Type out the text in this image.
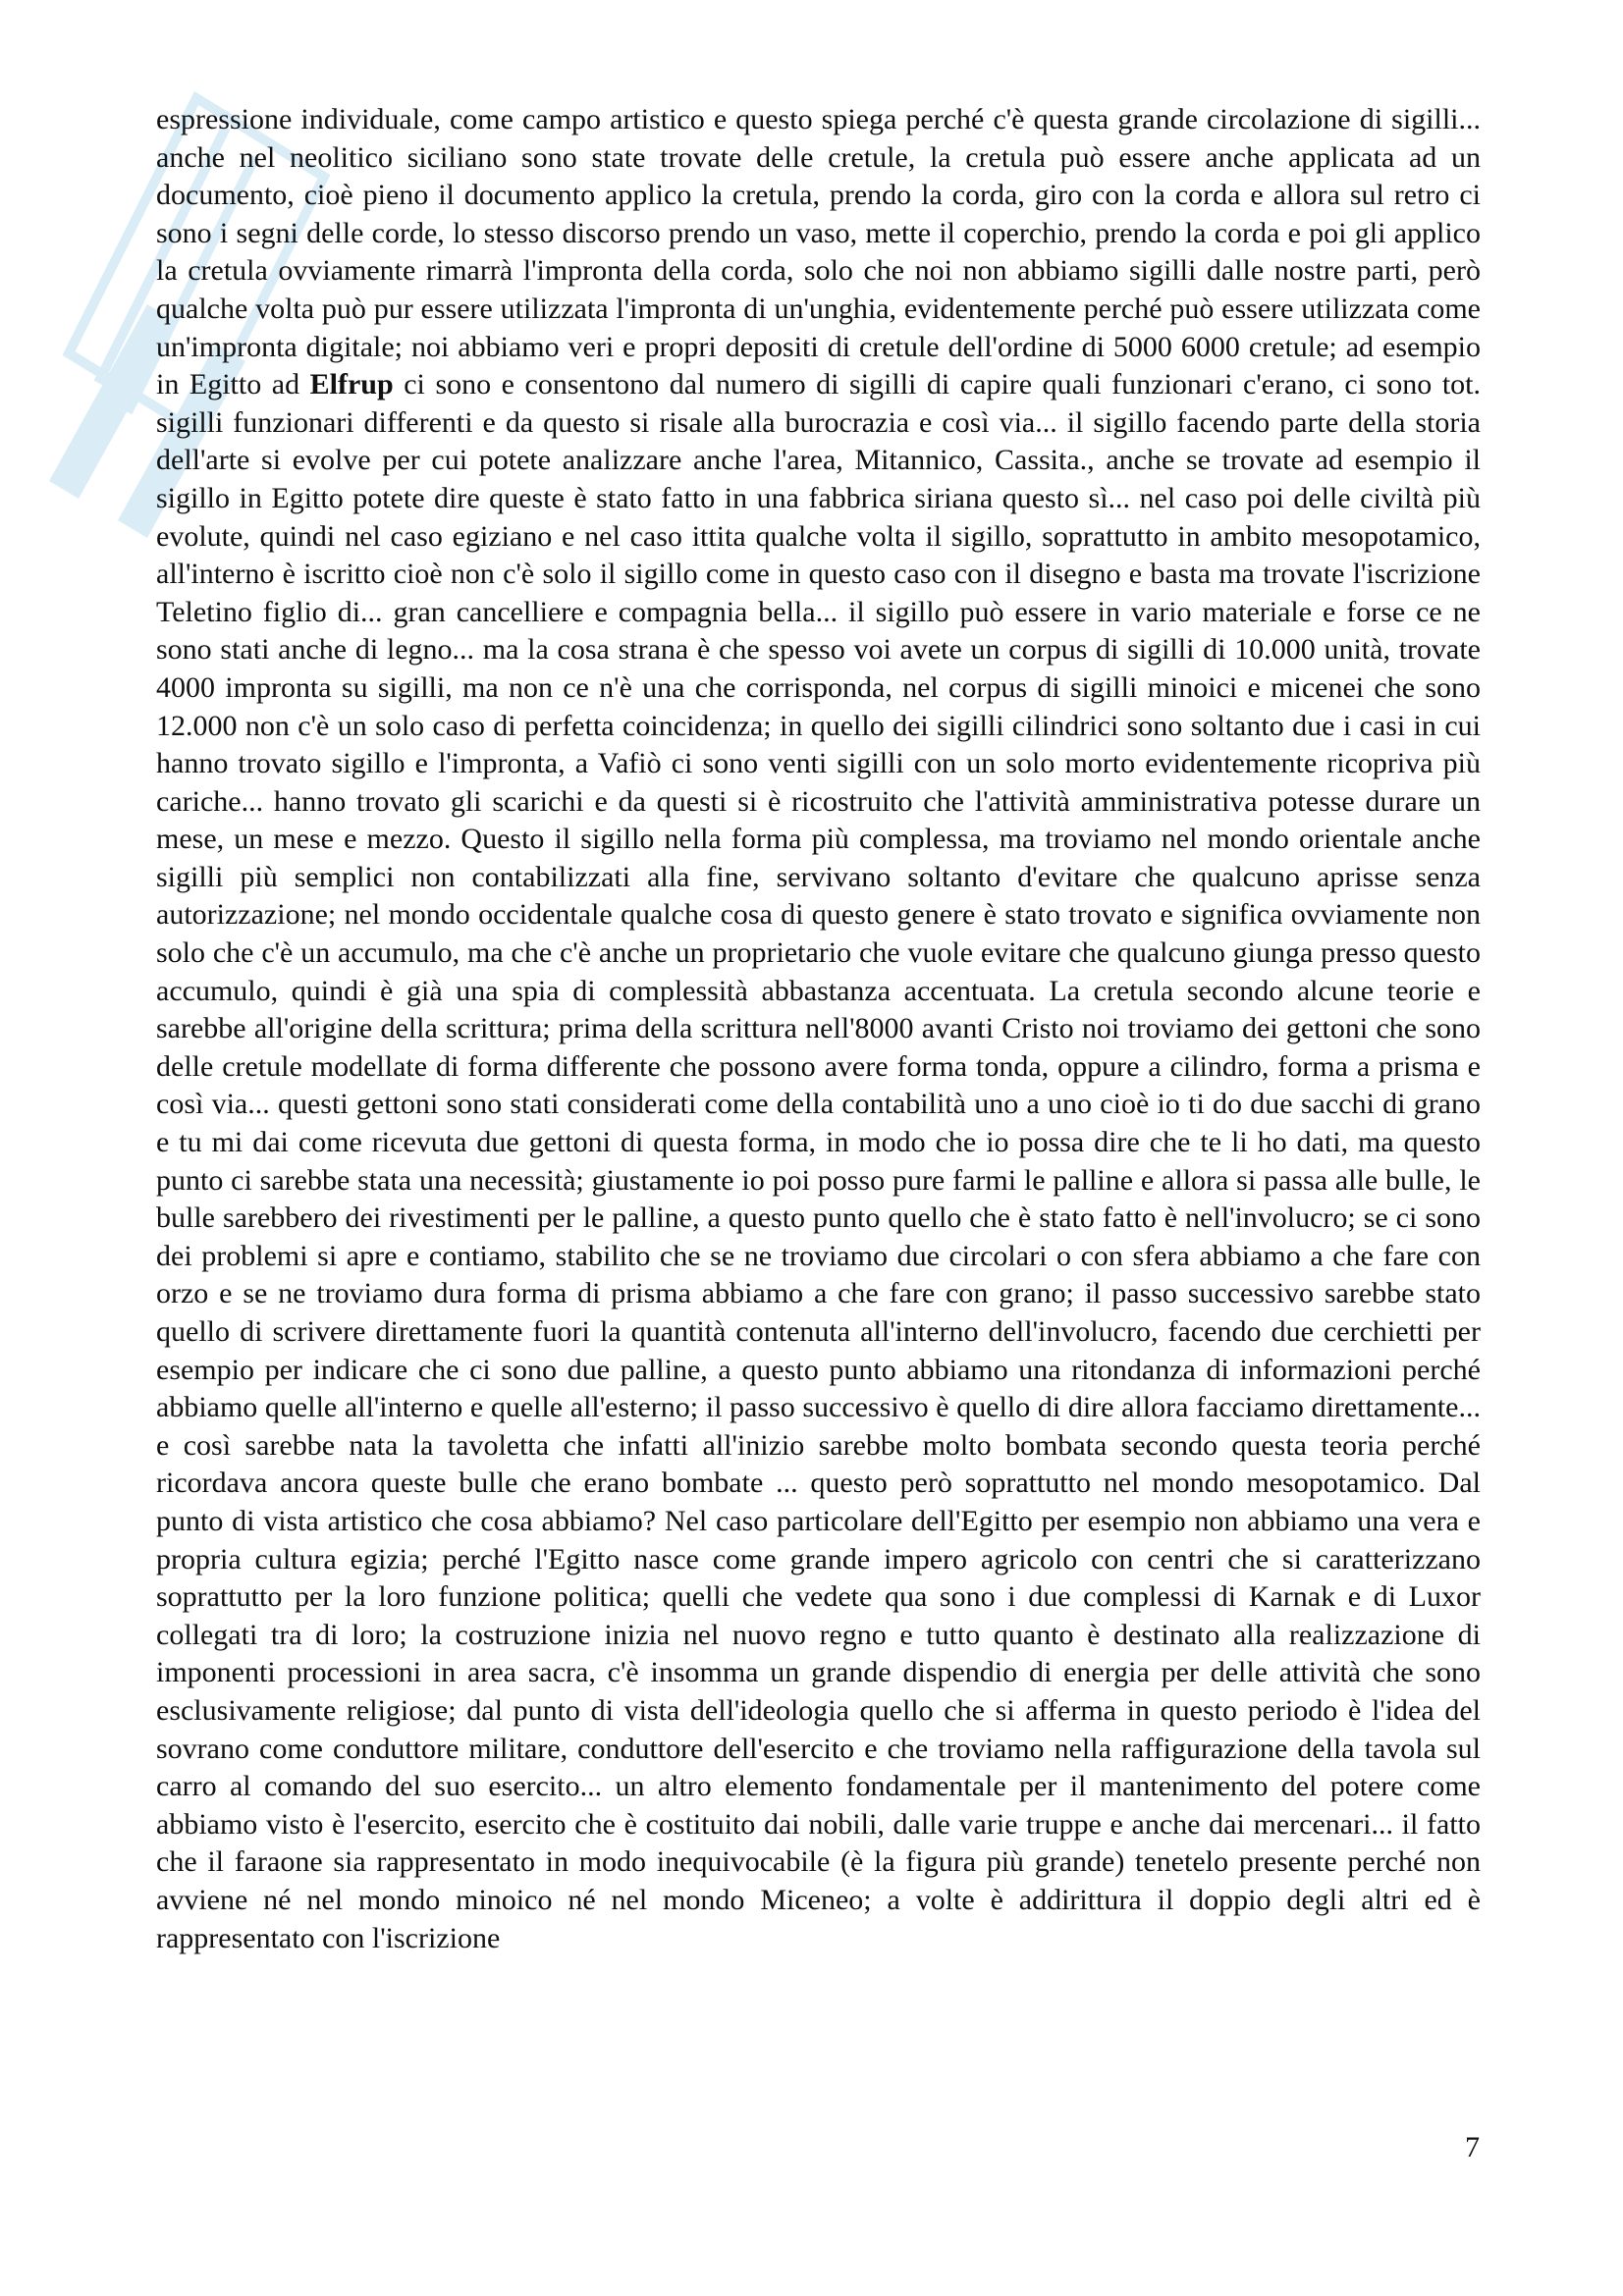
espressione individuale, come campo artistico e questo spiega perché c'è questa grande circolazione di sigilli... anche nel neolitico siciliano sono state trovate delle cretule, la cretula può essere anche applicata ad un documento, cioè pieno il documento applico la cretula, prendo la corda, giro con la corda e allora sul retro ci sono i segni delle corde, lo stesso discorso prendo un vaso, mette il coperchio, prendo la corda e poi gli applico la cretula ovviamente rimarrà l'impronta della corda, solo che noi non abbiamo sigilli dalle nostre parti, però qualche volta può pur essere utilizzata l'impronta di un'unghia, evidentemente perché può essere utilizzata come un'impronta digitale; noi abbiamo veri e propri depositi di cretule dell'ordine di 5000 6000 cretule; ad esempio in Egitto ad Elfrup ci sono e consentono dal numero di sigilli di capire quali funzionari c'erano, ci sono tot. sigilli funzionari differenti e da questo si risale alla burocrazia e così via... il sigillo facendo parte della storia dell'arte si evolve per cui potete analizzare anche l'area, Mitannico, Cassita., anche se trovate ad esempio il sigillo in Egitto potete dire queste è stato fatto in una fabbrica siriana questo sì... nel caso poi delle civiltà più evolute, quindi nel caso egiziano e nel caso ittita qualche volta il sigillo, soprattutto in ambito mesopotamico, all'interno è iscritto cioè non c'è solo il sigillo come in questo caso con il disegno e basta ma trovate l'iscrizione Teletino figlio di... gran cancelliere e compagnia bella... il sigillo può essere in vario materiale e forse ce ne sono stati anche di legno... ma la cosa strana è che spesso voi avete un corpus di sigilli di 10.000 unità, trovate 4000 impronta su sigilli, ma non ce n'è una che corrisponda, nel corpus di sigilli minoici e micenei che sono 12.000 non c'è un solo caso di perfetta coincidenza; in quello dei sigilli cilindrici sono soltanto due i casi in cui hanno trovato sigillo e l'impronta, a Vafiò ci sono venti sigilli con un solo morto evidentemente ricopriva più cariche... hanno trovato gli scarichi e da questi si è ricostruito che l'attività amministrativa potesse durare un mese, un mese e mezzo. Questo il sigillo nella forma più complessa, ma troviamo nel mondo orientale anche sigilli più semplici non contabilizzati alla fine, servivano soltanto d'evitare che qualcuno aprisse senza autorizzazione; nel mondo occidentale qualche cosa di questo genere è stato trovato e significa ovviamente non solo che c'è un accumulo, ma che c'è anche un proprietario che vuole evitare che qualcuno giunga presso questo accumulo, quindi è già una spia di complessità abbastanza accentuata. La cretula secondo alcune teorie e sarebbe all'origine della scrittura; prima della scrittura nell'8000 avanti Cristo noi troviamo dei gettoni che sono delle cretule modellate di forma differente che possono avere forma tonda, oppure a cilindro, forma a prisma e così via... questi gettoni sono stati considerati come della contabilità uno a uno cioè io ti do due sacchi di grano e tu mi dai come ricevuta due gettoni di questa forma, in modo che io possa dire che te li ho dati, ma questo punto ci sarebbe stata una necessità; giustamente io poi posso pure farmi le palline e allora si passa alle bulle, le bulle sarebbero dei rivestimenti per le palline, a questo punto quello che è stato fatto è nell'involucro; se ci sono dei problemi si apre e contiamo, stabilito che se ne troviamo due circolari o con sfera abbiamo a che fare con orzo e se ne troviamo dura forma di prisma abbiamo a che fare con grano; il passo successivo sarebbe stato quello di scrivere direttamente fuori la quantità contenuta all'interno dell'involucro, facendo due cerchietti per esempio per indicare che ci sono due palline, a questo punto abbiamo una ritondanza di informazioni perché abbiamo quelle all'interno e quelle all'esterno; il passo successivo è quello di dire allora facciamo direttamente... e così sarebbe nata la tavoletta che infatti all'inizio sarebbe molto bombata secondo questa teoria perché ricordava ancora queste bulle che erano bombate ... questo però soprattutto nel mondo mesopotamico. Dal punto di vista artistico che cosa abbiamo? Nel caso particolare dell'Egitto per esempio non abbiamo una vera e propria cultura egizia; perché l'Egitto nasce come grande impero agricolo con centri che si caratterizzano soprattutto per la loro funzione politica; quelli che vedete qua sono i due complessi di Karnak e di Luxor collegati tra di loro; la costruzione inizia nel nuovo regno e tutto quanto è destinato alla realizzazione di imponenti processioni in area sacra, c'è insomma un grande dispendio di energia per delle attività che sono esclusivamente religiose; dal punto di vista dell'ideologia quello che si afferma in questo periodo è l'idea del sovrano come conduttore militare, conduttore dell'esercito e che troviamo nella raffigurazione della tavola sul carro al comando del suo esercito... un altro elemento fondamentale per il mantenimento del potere come abbiamo visto è l'esercito, esercito che è costituito dai nobili, dalle varie truppe e anche dai mercenari... il fatto che il faraone sia rappresentato in modo inequivocabile (è la figura più grande) tenetelo presente perché non avviene né nel mondo minoico né nel mondo Miceneo; a volte è addirittura il doppio degli altri ed è rappresentato con l'iscrizione

7
